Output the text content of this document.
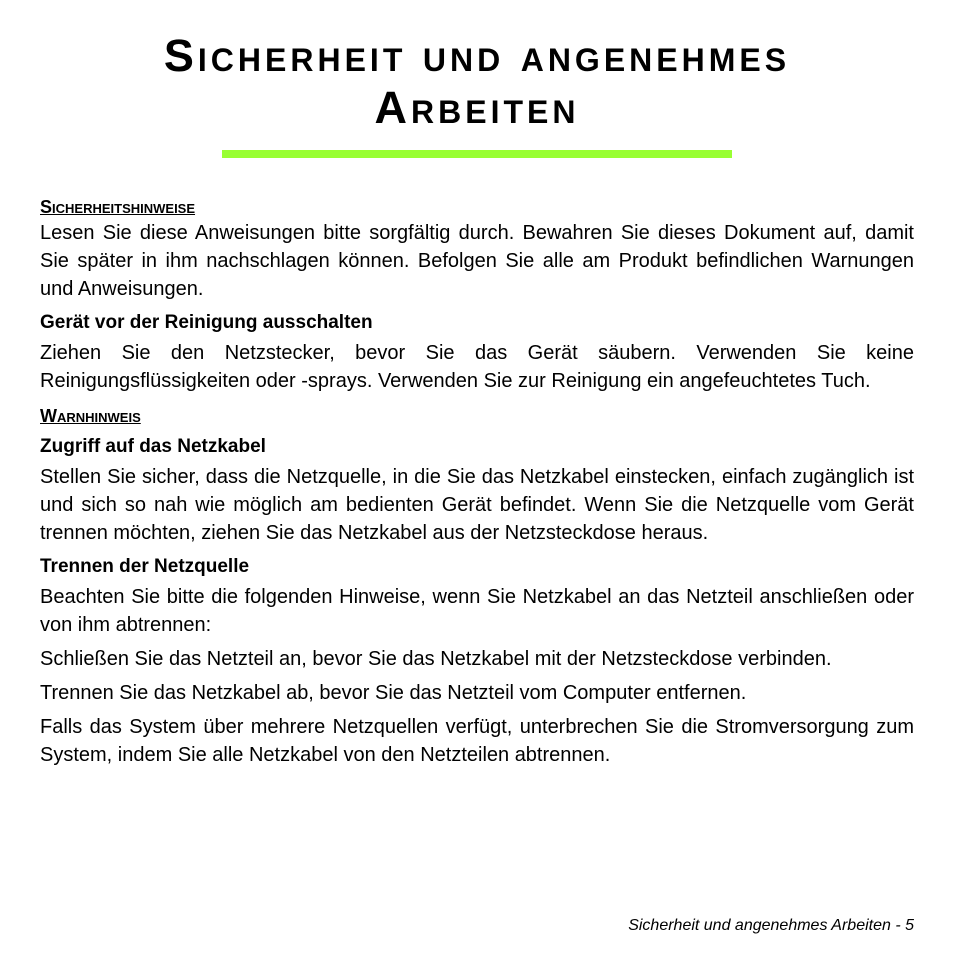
Sicherheit und angenehmes
Arbeiten
Sicherheitshinweise

Lesen Sie diese Anweisungen bitte sorgfältig durch. Bewahren Sie dieses Dokument auf, damit Sie später in ihm nachschlagen können. Befolgen Sie alle am Produkt befindlichen Warnungen und Anweisungen.

Gerät vor der Reinigung ausschalten

Ziehen Sie den Netzstecker, bevor Sie das Gerät säubern. Verwenden Sie keine Reinigungsflüssigkeiten oder -sprays. Verwenden Sie zur Reinigung ein angefeuchtetes Tuch.

Warnhinweis
Zugriff auf das Netzkabel

Stellen Sie sicher, dass die Netzquelle, in die Sie das Netzkabel einstecken, einfach zugänglich ist und sich so nah wie möglich am bedienten Gerät befindet. Wenn Sie die Netzquelle vom Gerät trennen möchten, ziehen Sie das Netzkabel aus der Netzsteckdose heraus.

Trennen der Netzquelle

Beachten Sie bitte die folgenden Hinweise, wenn Sie Netzkabel an das Netzteil anschließen oder von ihm abtrennen:

Schließen Sie das Netzteil an, bevor Sie das Netzkabel mit der Netzsteckdose verbinden.

Trennen Sie das Netzkabel ab, bevor Sie das Netzteil vom Computer entfernen.

Falls das System über mehrere Netzquellen verfügt, unterbrechen Sie die Stromversorgung zum System, indem Sie alle Netzkabel von den Netzteilen abtrennen.

Sicherheit und angenehmes Arbeiten - 5
